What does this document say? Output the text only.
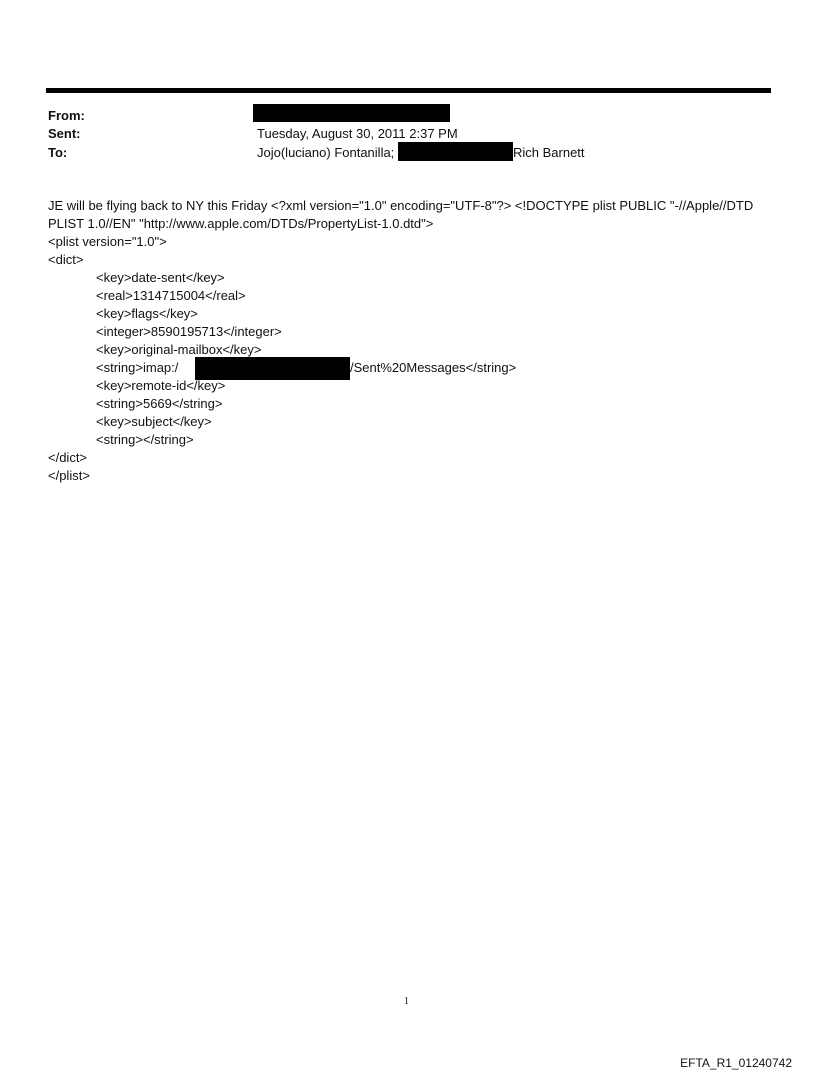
From:
Sent:	Tuesday, August 30, 2011 2:37 PM
To:	Jojo(luciano) Fontanilla;	Rich Barnett
JE will be flying back to NY this Friday <?xml version="1.0" encoding="UTF-8"?> <!DOCTYPE plist PUBLIC "-//Apple//DTD
PLIST 1.0//EN" "http://www.apple.com/DTDs/PropertyList-1.0.dtd">
<plist version="1.0">
<dict>
<key>date-sent</key>
<real>1314715004</real>
<key>flags</key>
<integer>8590195713</integer>
<key>original-mailbox</key>
<string>imap:/	/Sent%20Messages</string>
<key>remote-id</key>
<string>5669</string>
<key>subject</key>
<string></string>
</dict>
</plist>
1
EFTA_R1_01240742
